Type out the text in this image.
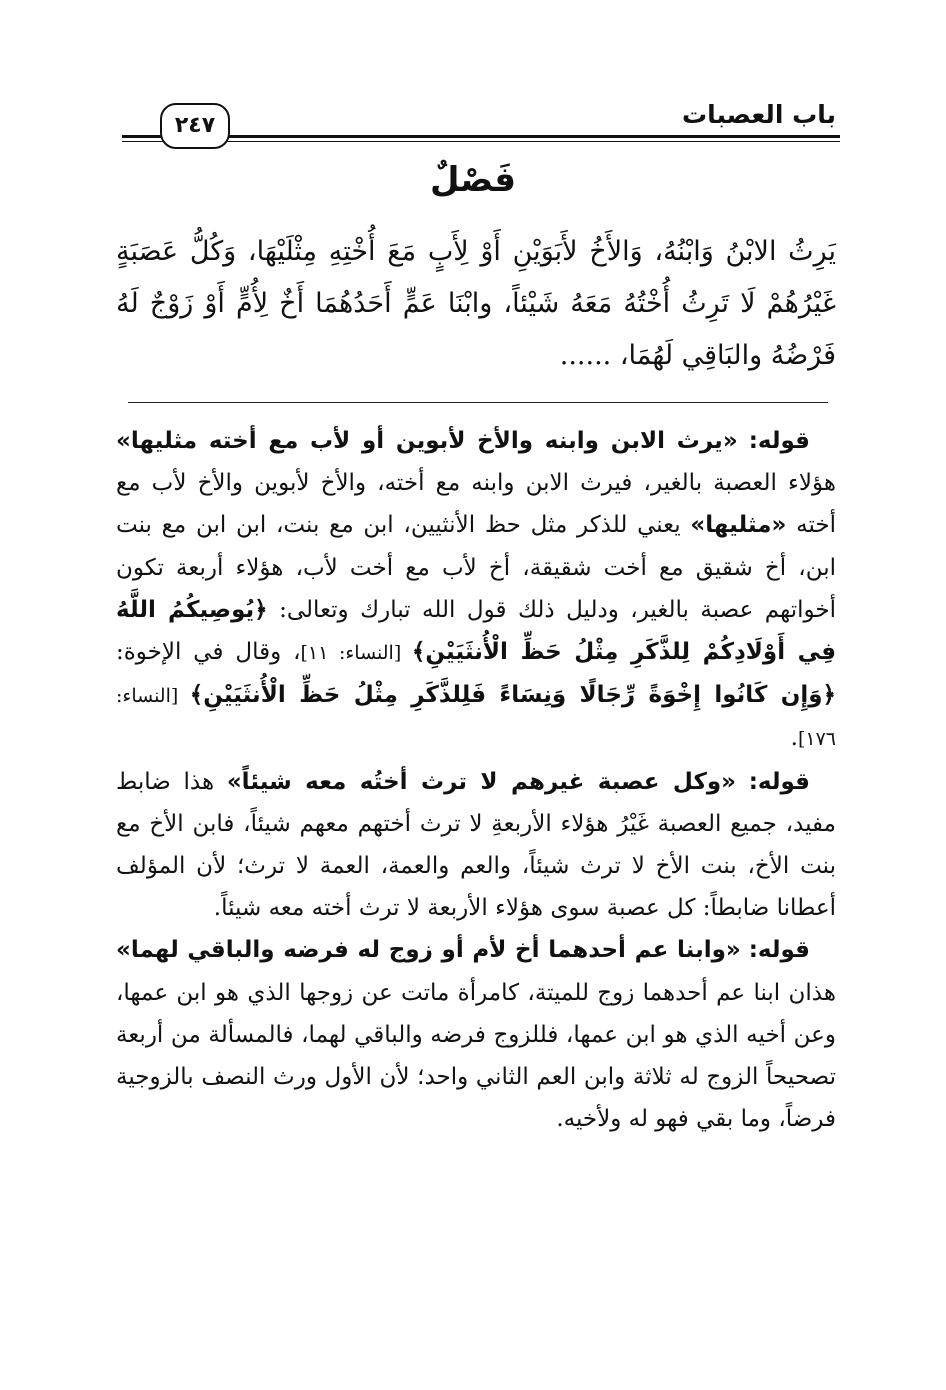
باب العصبات
٢٤٧
فَصْلٌ
يَرِثُ الابْنُ وَابْنُهُ، وَالأَخُ لأَبَوَيْنِ أَوْ لِأَبٍ مَعَ أُخْتِهِ مِثْلَيْهَا، وَكُلُّ عَصَبَةٍ غَيْرُهُمْ لَا تَرِثُ أُخْتُهُ مَعَهُ شَيْئاً، وابْنَا عَمٍّ أَحَدُهُمَا أَخٌ لِأُمٍّ أَوْ زَوْجٌ لَهُ فَرْضُهُ والبَاقِي لَهُمَا، ......

قوله: «يرث الابن وابنه والأخ لأبوين أو لأب مع أخته مثليها» هؤلاء العصبة بالغير، فيرث الابن وابنه مع أخته، والأخ لأبوين والأخ لأب مع أخته «مثليها» يعني للذكر مثل حظ الأنثيين، ابن مع بنت، ابن ابن مع بنت ابن، أخ شقيق مع أخت شقيقة، أخ لأب مع أخت لأب، هؤلاء أربعة تكون أخواتهم عصبة بالغير، ودليل ذلك قول الله تبارك وتعالى: ﴿يُوصِيكُمُ اللَّهُ فِي أَوْلَادِكُمْ لِلذَّكَرِ مِثْلُ حَظِّ الْأُنثَيَيْنِ﴾ [النساء: ١١]، وقال في الإخوة: ﴿وَإِن كَانُوا إِخْوَةً رِّجَالًا وَنِسَاءً فَلِلذَّكَرِ مِثْلُ حَظِّ الْأُنثَيَيْنِ﴾ [النساء: ١٧٦].

قوله: «وكل عصبة غيرهم لا ترث أختُه معه شيئاً» هذا ضابط مفيد، جميع العصبة غَيْرُ هؤلاء الأربعةِ لا ترث أختهم معهم شيئاً، فابن الأخ مع بنت الأخ، بنت الأخ لا ترث شيئاً، والعم والعمة، العمة لا ترث؛ لأن المؤلف أعطانا ضابطاً: كل عصبة سوى هؤلاء الأربعة لا ترث أخته معه شيئاً.

قوله: «وابنا عم أحدهما أخ لأم أو زوج له فرضه والباقي لهما» هذان ابنا عم أحدهما زوج للميتة، كامرأة ماتت عن زوجها الذي هو ابن عمها، وعن أخيه الذي هو ابن عمها، فللزوج فرضه والباقي لهما، فالمسألة من أربعة تصحيحاً الزوج له ثلاثة وابن العم الثاني واحد؛ لأن الأول ورث النصف بالزوجية فرضاً، وما بقي فهو له ولأخيه.
